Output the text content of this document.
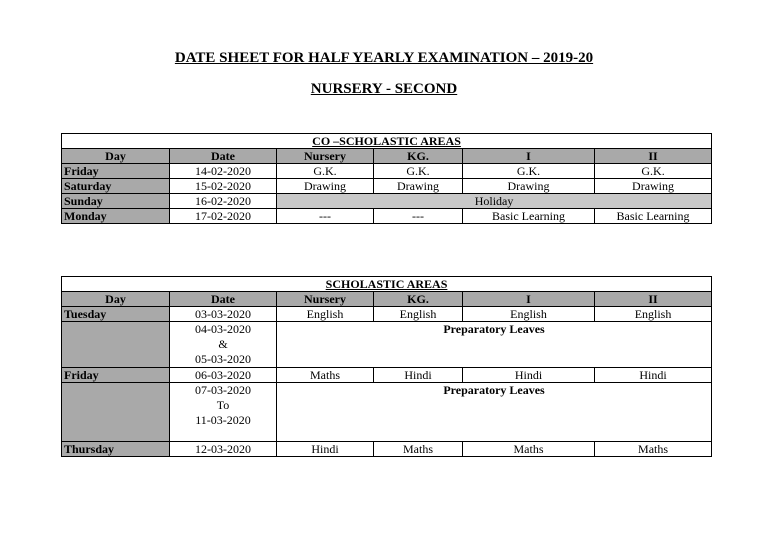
DATE SHEET FOR HALF YEARLY EXAMINATION – 2019-20
NURSERY - SECOND
CO –SCHOLASTIC AREAS					
Day	Date	Nursery	KG.	I	II
Friday	14-02-2020	G.K.	G.K.	G.K.	G.K.
Saturday	15-02-2020	Drawing	Drawing	Drawing	Drawing
Sunday	16-02-2020	Holiday			
Monday	17-02-2020	---	---	Basic Learning	Basic Learning
SCHOLASTIC AREAS					
Day	Date	Nursery	KG.	I	II
Tuesday	03-03-2020	English	English	English	English

	04-03-2020
&
05-03-2020	Preparatory Leaves			
Friday	06-03-2020	Maths	Hindi	Hindi	Hindi

	07-03-2020
To
11-03-2020	Preparatory Leaves			
Thursday	12-03-2020	Hindi	Maths	Maths	Maths
